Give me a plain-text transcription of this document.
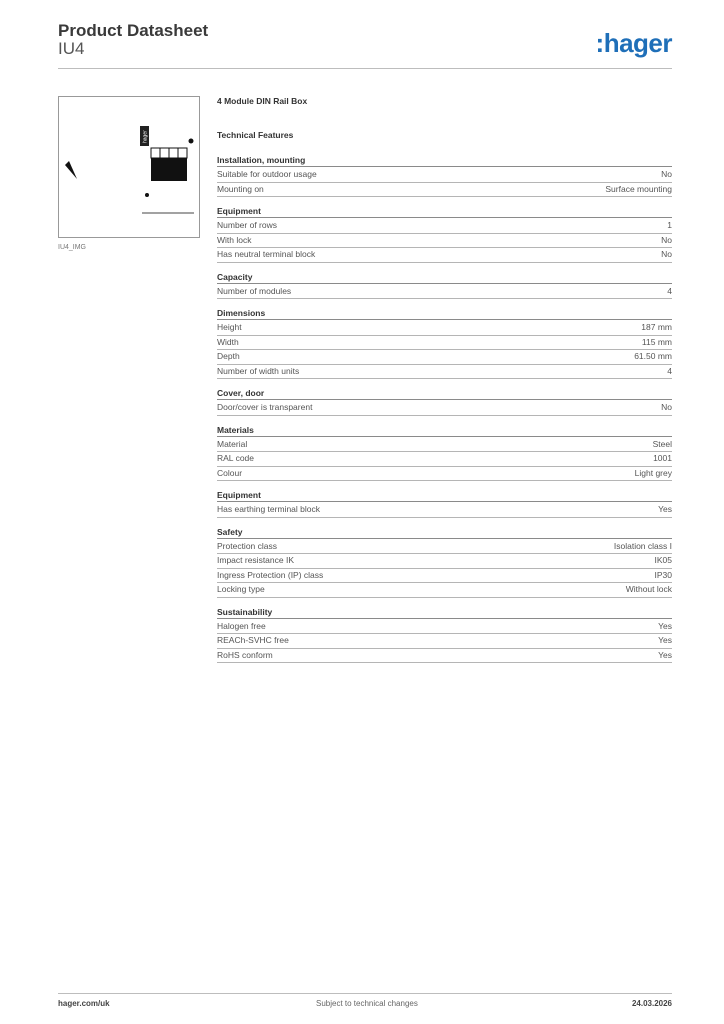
Product Datasheet
IU4	:hager
hager
IU4_IMG
4 Module DIN Rail Box
Technical Features
Installation, mounting
Suitable for outdoor usage	No
Mounting on	Surface mounting
Equipment
Number of rows	1
With lock	No
Has neutral terminal block	No
Capacity
Number of modules	4
Dimensions
Height	187 mm
Width	115 mm
Depth	61.50 mm
Number of width units	4
Cover, door
Door/cover is transparent	No
Materials
Material	Steel
RAL code	1001
Colour	Light grey
Equipment
Has earthing terminal block	Yes
Safety
Protection class	Isolation class I
Impact resistance IK	IK05
Ingress Protection (IP) class	IP30
Locking type	Without lock
Sustainability
Halogen free	Yes
REACh-SVHC free	Yes
RoHS conform	Yes
hager.com/uk	Subject to technical changes	24.03.2026
